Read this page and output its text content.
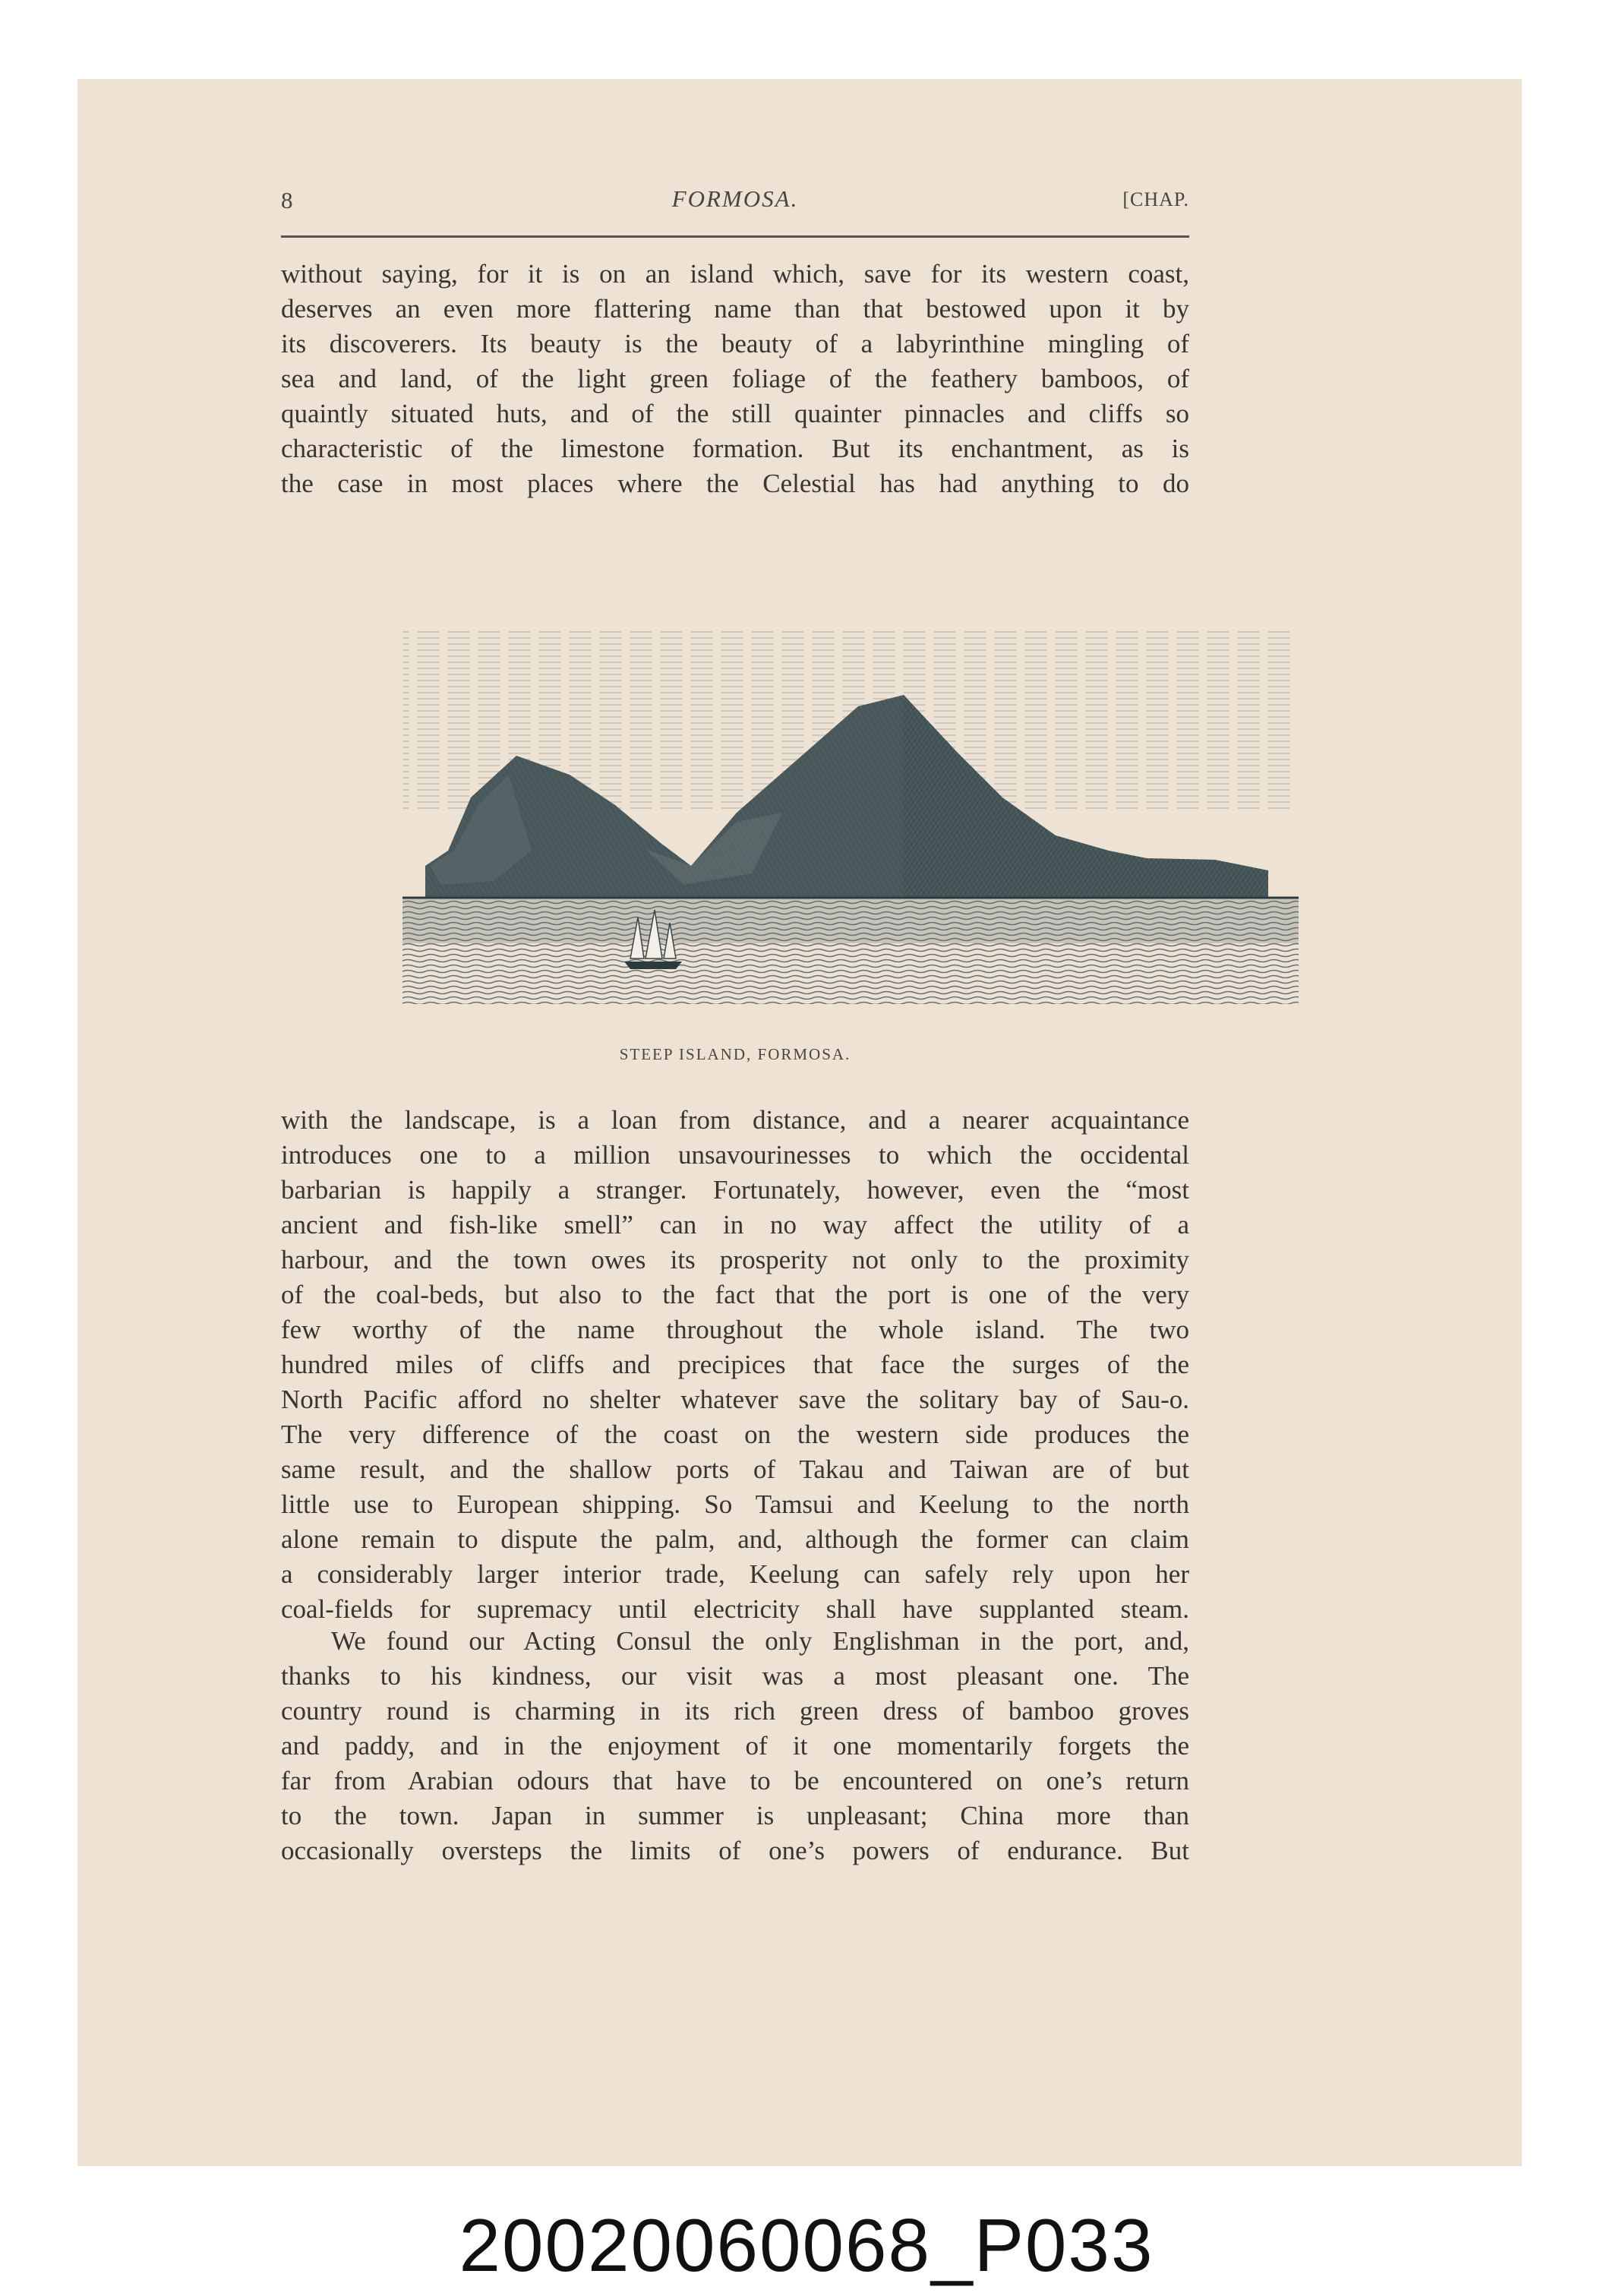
8	FORMOSA.	[CHAP.
without saying, for it is on an island which, save for its western coast,
deserves an even more flattering name than that bestowed upon it by
its discoverers. Its beauty is the beauty of a labyrinthine mingling of
sea and land, of the light green foliage of the feathery bamboos, of
quaintly situated huts, and of the still quainter pinnacles and cliffs so
characteristic of the limestone formation. But its enchantment, as is
the case in most places where the Celestial has had anything to do
STEEP ISLAND, FORMOSA.
with the landscape, is a loan from distance, and a nearer acquaintance
introduces one to a million unsavourinesses to which the occidental
barbarian is happily a stranger. Fortunately, however, even the “most
ancient and fish-like smell” can in no way affect the utility of a
harbour, and the town owes its prosperity not only to the proximity
of the coal-beds, but also to the fact that the port is one of the very
few worthy of the name throughout the whole island. The two
hundred miles of cliffs and precipices that face the surges of the
North Pacific afford no shelter whatever save the solitary bay of Sau-o.
The very difference of the coast on the western side produces the
same result, and the shallow ports of Takau and Taiwan are of but
little use to European shipping. So Tamsui and Keelung to the north
alone remain to dispute the palm, and, although the former can claim
a considerably larger interior trade, Keelung can safely rely upon her
coal-fields for supremacy until electricity shall have supplanted steam.
We found our Acting Consul the only Englishman in the port, and,
thanks to his kindness, our visit was a most pleasant one. The
country round is charming in its rich green dress of bamboo groves
and paddy, and in the enjoyment of it one momentarily forgets the
far from Arabian odours that have to be encountered on one’s return
to the town. Japan in summer is unpleasant; China more than
occasionally oversteps the limits of one’s powers of endurance. But
20020060068_P033
